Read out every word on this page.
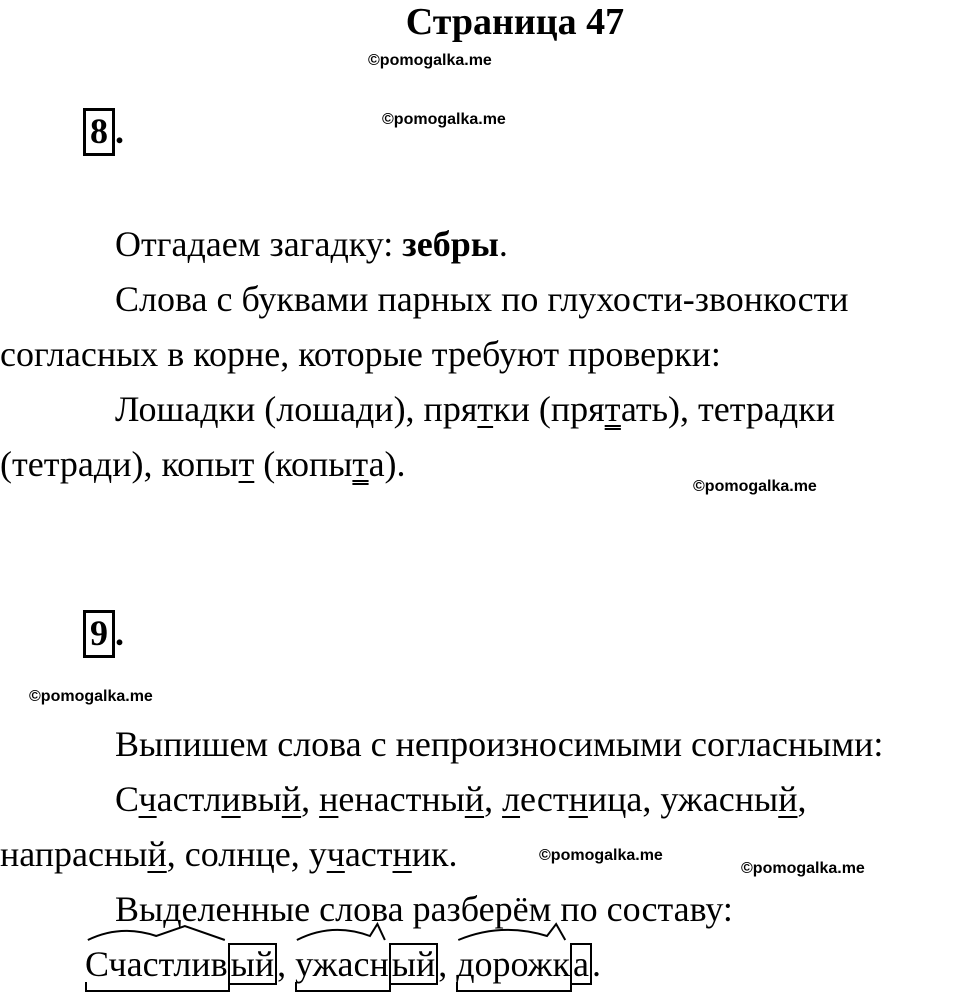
Страница 47
©pomogalka.me
8 .	©pomogalka.me
Отгадаем загадку: зебры.
Слова с буквами парных по глухости-звонкости
согласных в корне, которые требуют проверки:
Лошадки (лошади), прятки (прятать), тетрадки
(тетради), копыт (копыта).
©pomogalka.me
9 .
©pomogalka.me
Выпишем слова с непроизносимыми согласными:
Счастливый, ненастный, лестница, ужасный,
напрасный, солнце, участник.	©pomogalka.me
©pomogalka.me
Выделенные слова разберём по составу:
Счастлив
ый, ужасн
ый, дорожк
а.
